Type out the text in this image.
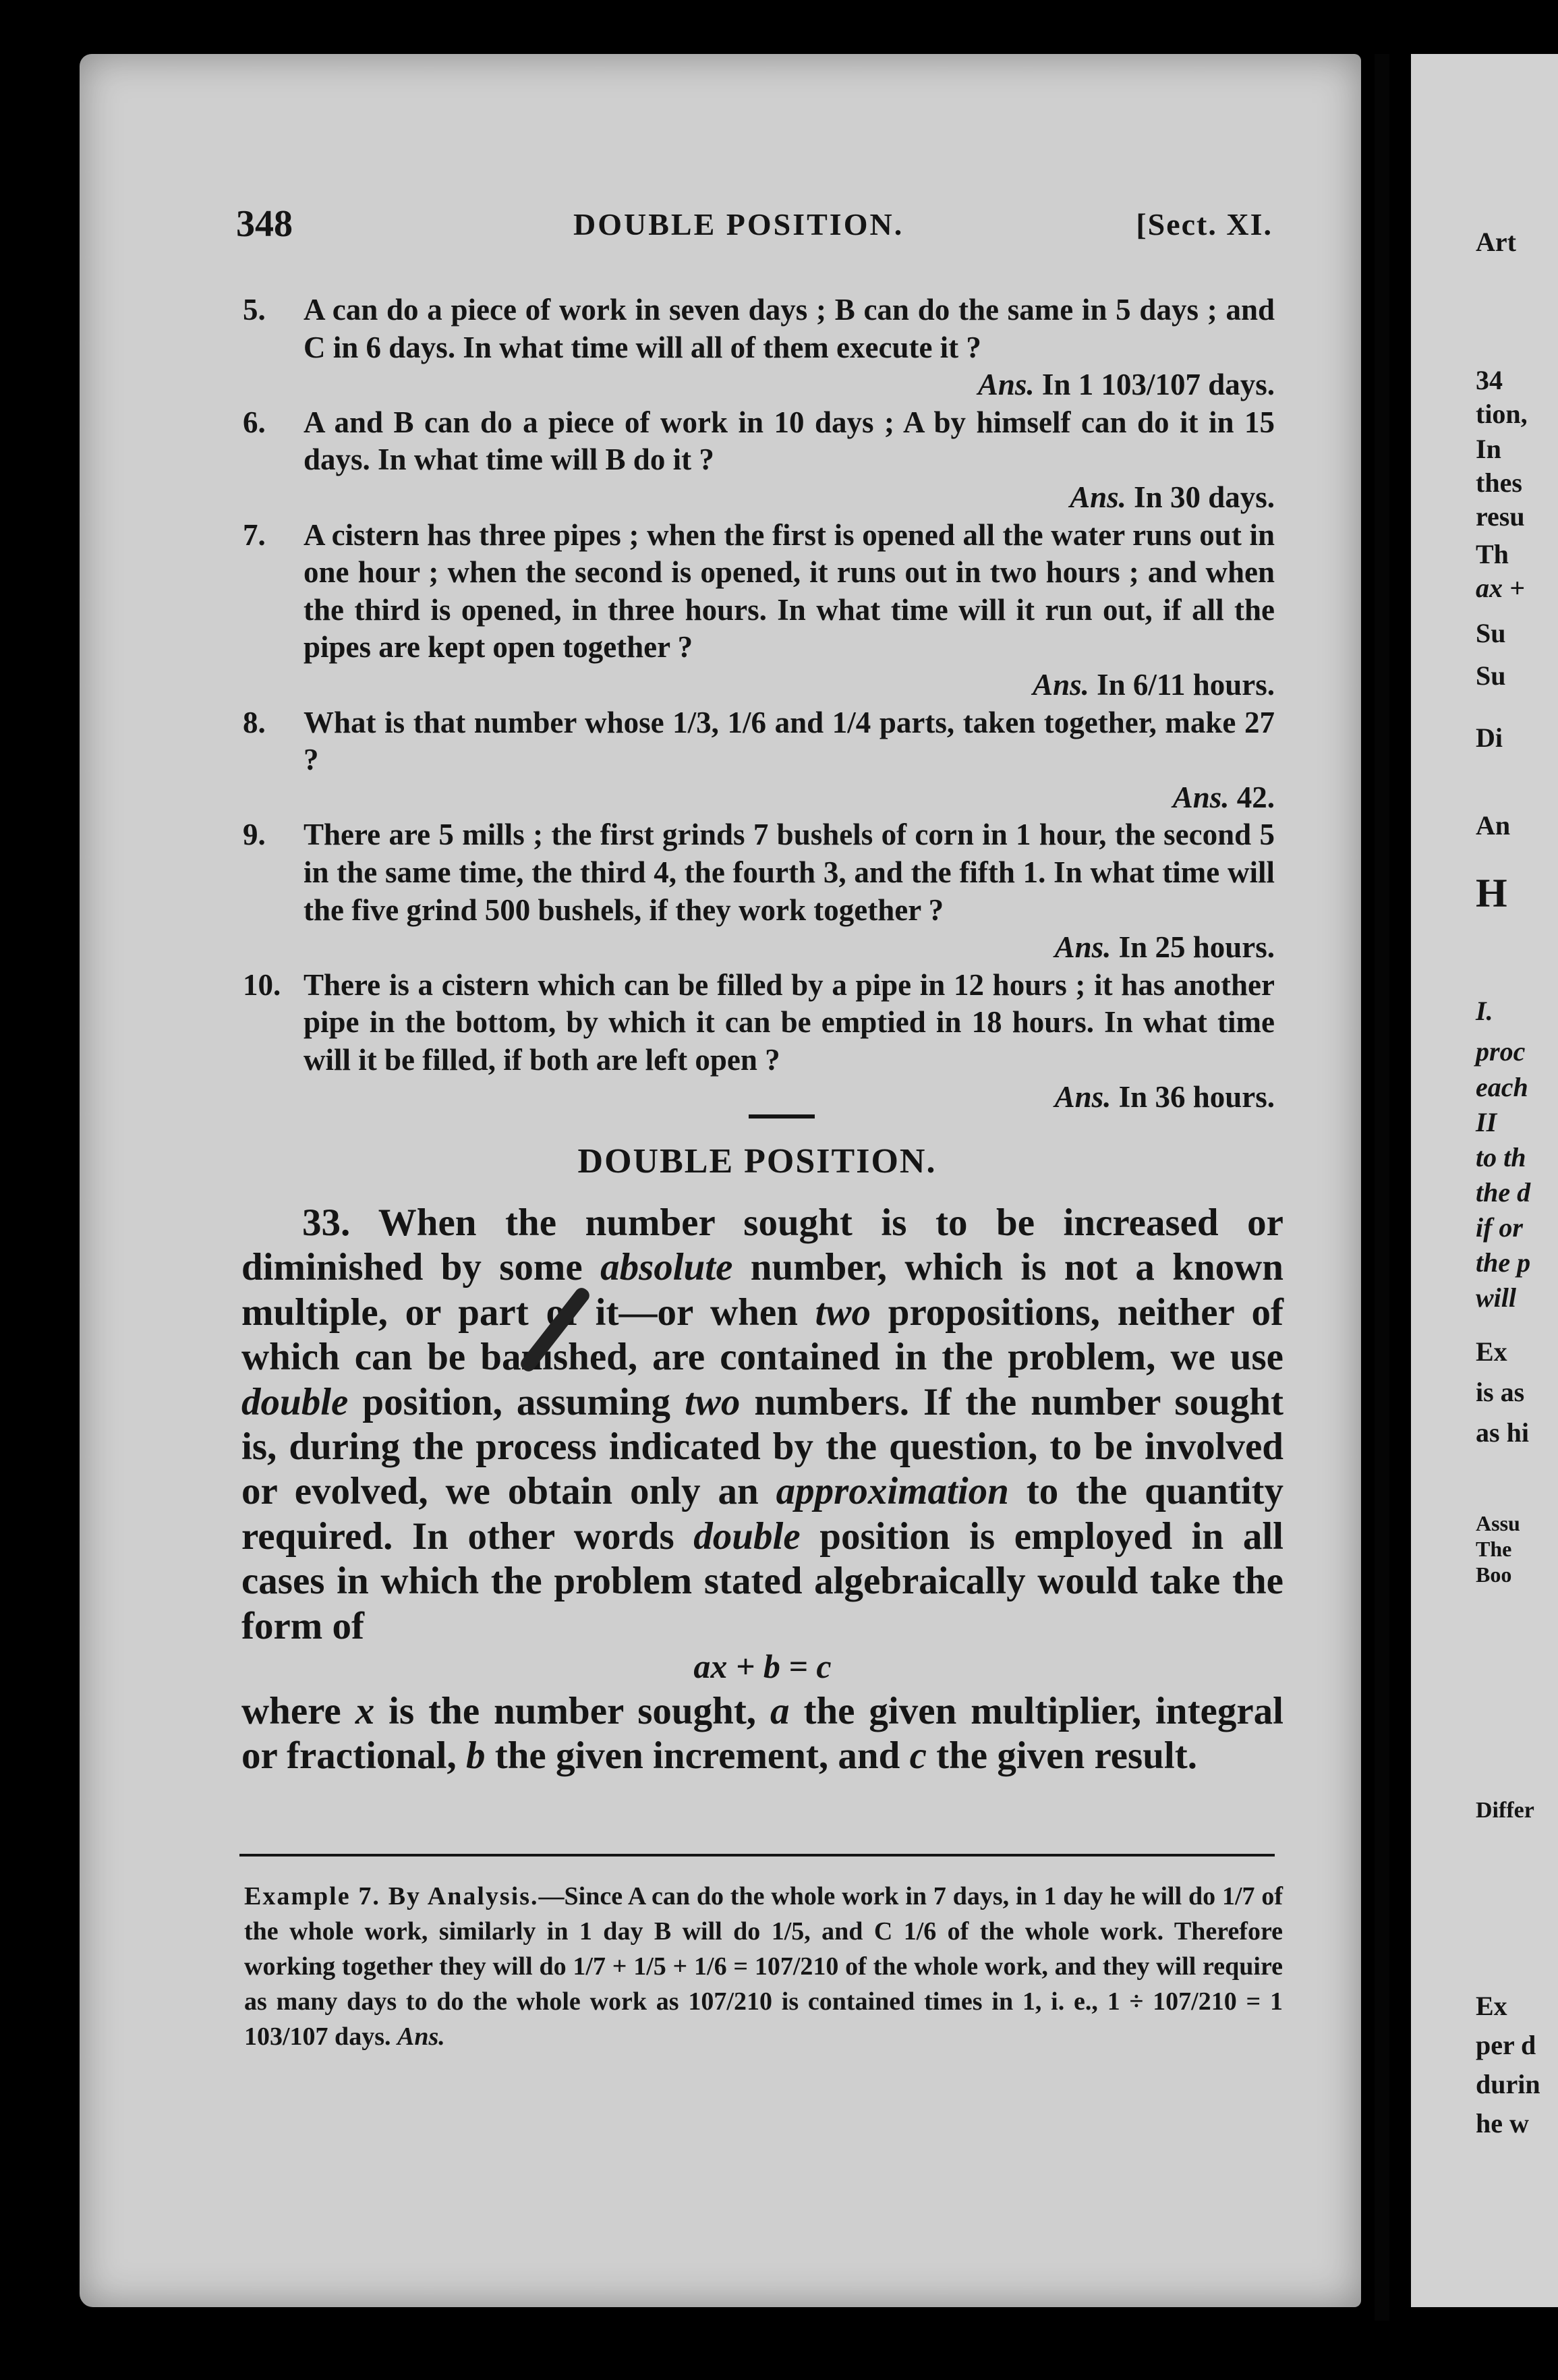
Art
34
tion,
In
thes
resu
Th
ax +
Su
Su
Di
An
H
I.
proc
each
II
to th
the d
if or
the p
will
Ex
is as
as hi
Assu
The
Boo
Differ
Ex
per d
durin
he w
348	DOUBLE POSITION.	[Sect. XI.
5. A can do a piece of work in seven days ; B can do the same in 5 days ; and C in 6 days. In what time will all of them execute it ?
Ans. In 1 103/107 days.
6. A and B can do a piece of work in 10 days ; A by himself can do it in 15 days. In what time will B do it ?
Ans. In 30 days.
7. A cistern has three pipes ; when the first is opened all the water runs out in one hour ; when the second is opened, it runs out in two hours ; and when the third is opened, in three hours. In what time will it run out, if all the pipes are kept open together ?
Ans. In 6/11 hours.
8. What is that number whose 1/3, 1/6 and 1/4 parts, taken together, make 27 ?
Ans. 42.
9. There are 5 mills ; the first grinds 7 bushels of corn in 1 hour, the second 5 in the same time, the third 4, the fourth 3, and the fifth 1. In what time will the five grind 500 bushels, if they work together ?
Ans. In 25 hours.
10. There is a cistern which can be filled by a pipe in 12 hours ; it has another pipe in the bottom, by which it can be emptied in 18 hours. In what time will it be filled, if both are left open ?
Ans. In 36 hours.
DOUBLE POSITION.
33. When the number sought is to be increased or diminished by some absolute number, which is not a known multiple, or part of it—or when two propositions, neither of which can be banished, are contained in the problem, we use double position, assuming two numbers. If the number sought is, during the process indicated by the question, to be involved or evolved, we obtain only an approximation to the quantity required. In other words double position is employed in all cases in which the problem stated algebraically would take the form of
ax + b = c
where x is the number sought, a the given multiplier, integral or fractional, b the given increment, and c the given result.
Example 7. By Analysis.—Since A can do the whole work in 7 days, in 1 day he will do 1/7 of the whole work, similarly in 1 day B will do 1/5, and C 1/6 of the whole work. Therefore working together they will do 1/7 + 1/5 + 1/6 = 107/210 of the whole work, and they will require as many days to do the whole work as 107/210 is contained times in 1, i. e., 1 ÷ 107/210 = 1 103/107 days. Ans.
